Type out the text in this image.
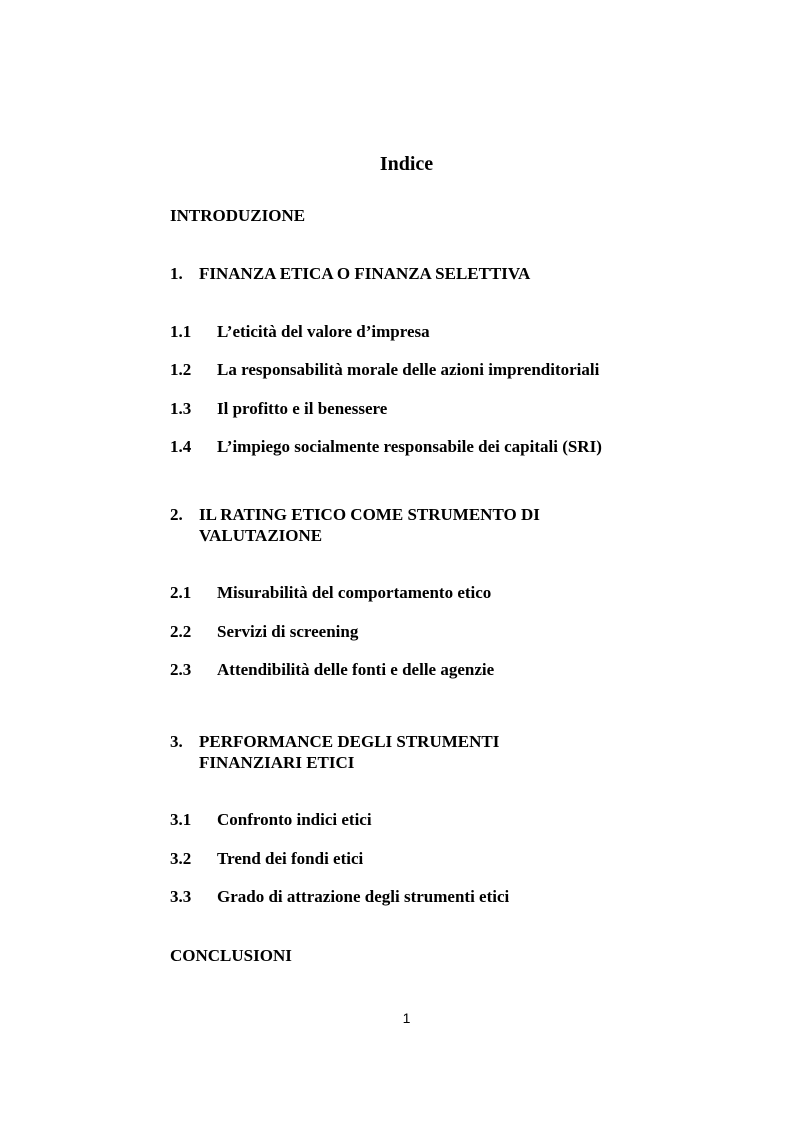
Indice
INTRODUZIONE
1. FINANZA ETICA O FINANZA SELETTIVA
1.1 L’eticità del valore d’impresa
1.2 La responsabilità morale delle azioni imprenditoriali
1.3 Il profitto e il benessere
1.4 L’impiego socialmente responsabile dei capitali (SRI)
2. IL RATING ETICO COME STRUMENTO DI
VALUTAZIONE
2.1 Misurabilità del comportamento etico
2.2 Servizi di screening
2.3 Attendibilità delle fonti e delle agenzie
3. PERFORMANCE DEGLI STRUMENTI
FINANZIARI ETICI
3.1 Confronto indici etici
3.2 Trend dei fondi etici
3.3 Grado di attrazione degli strumenti etici
CONCLUSIONI
1
